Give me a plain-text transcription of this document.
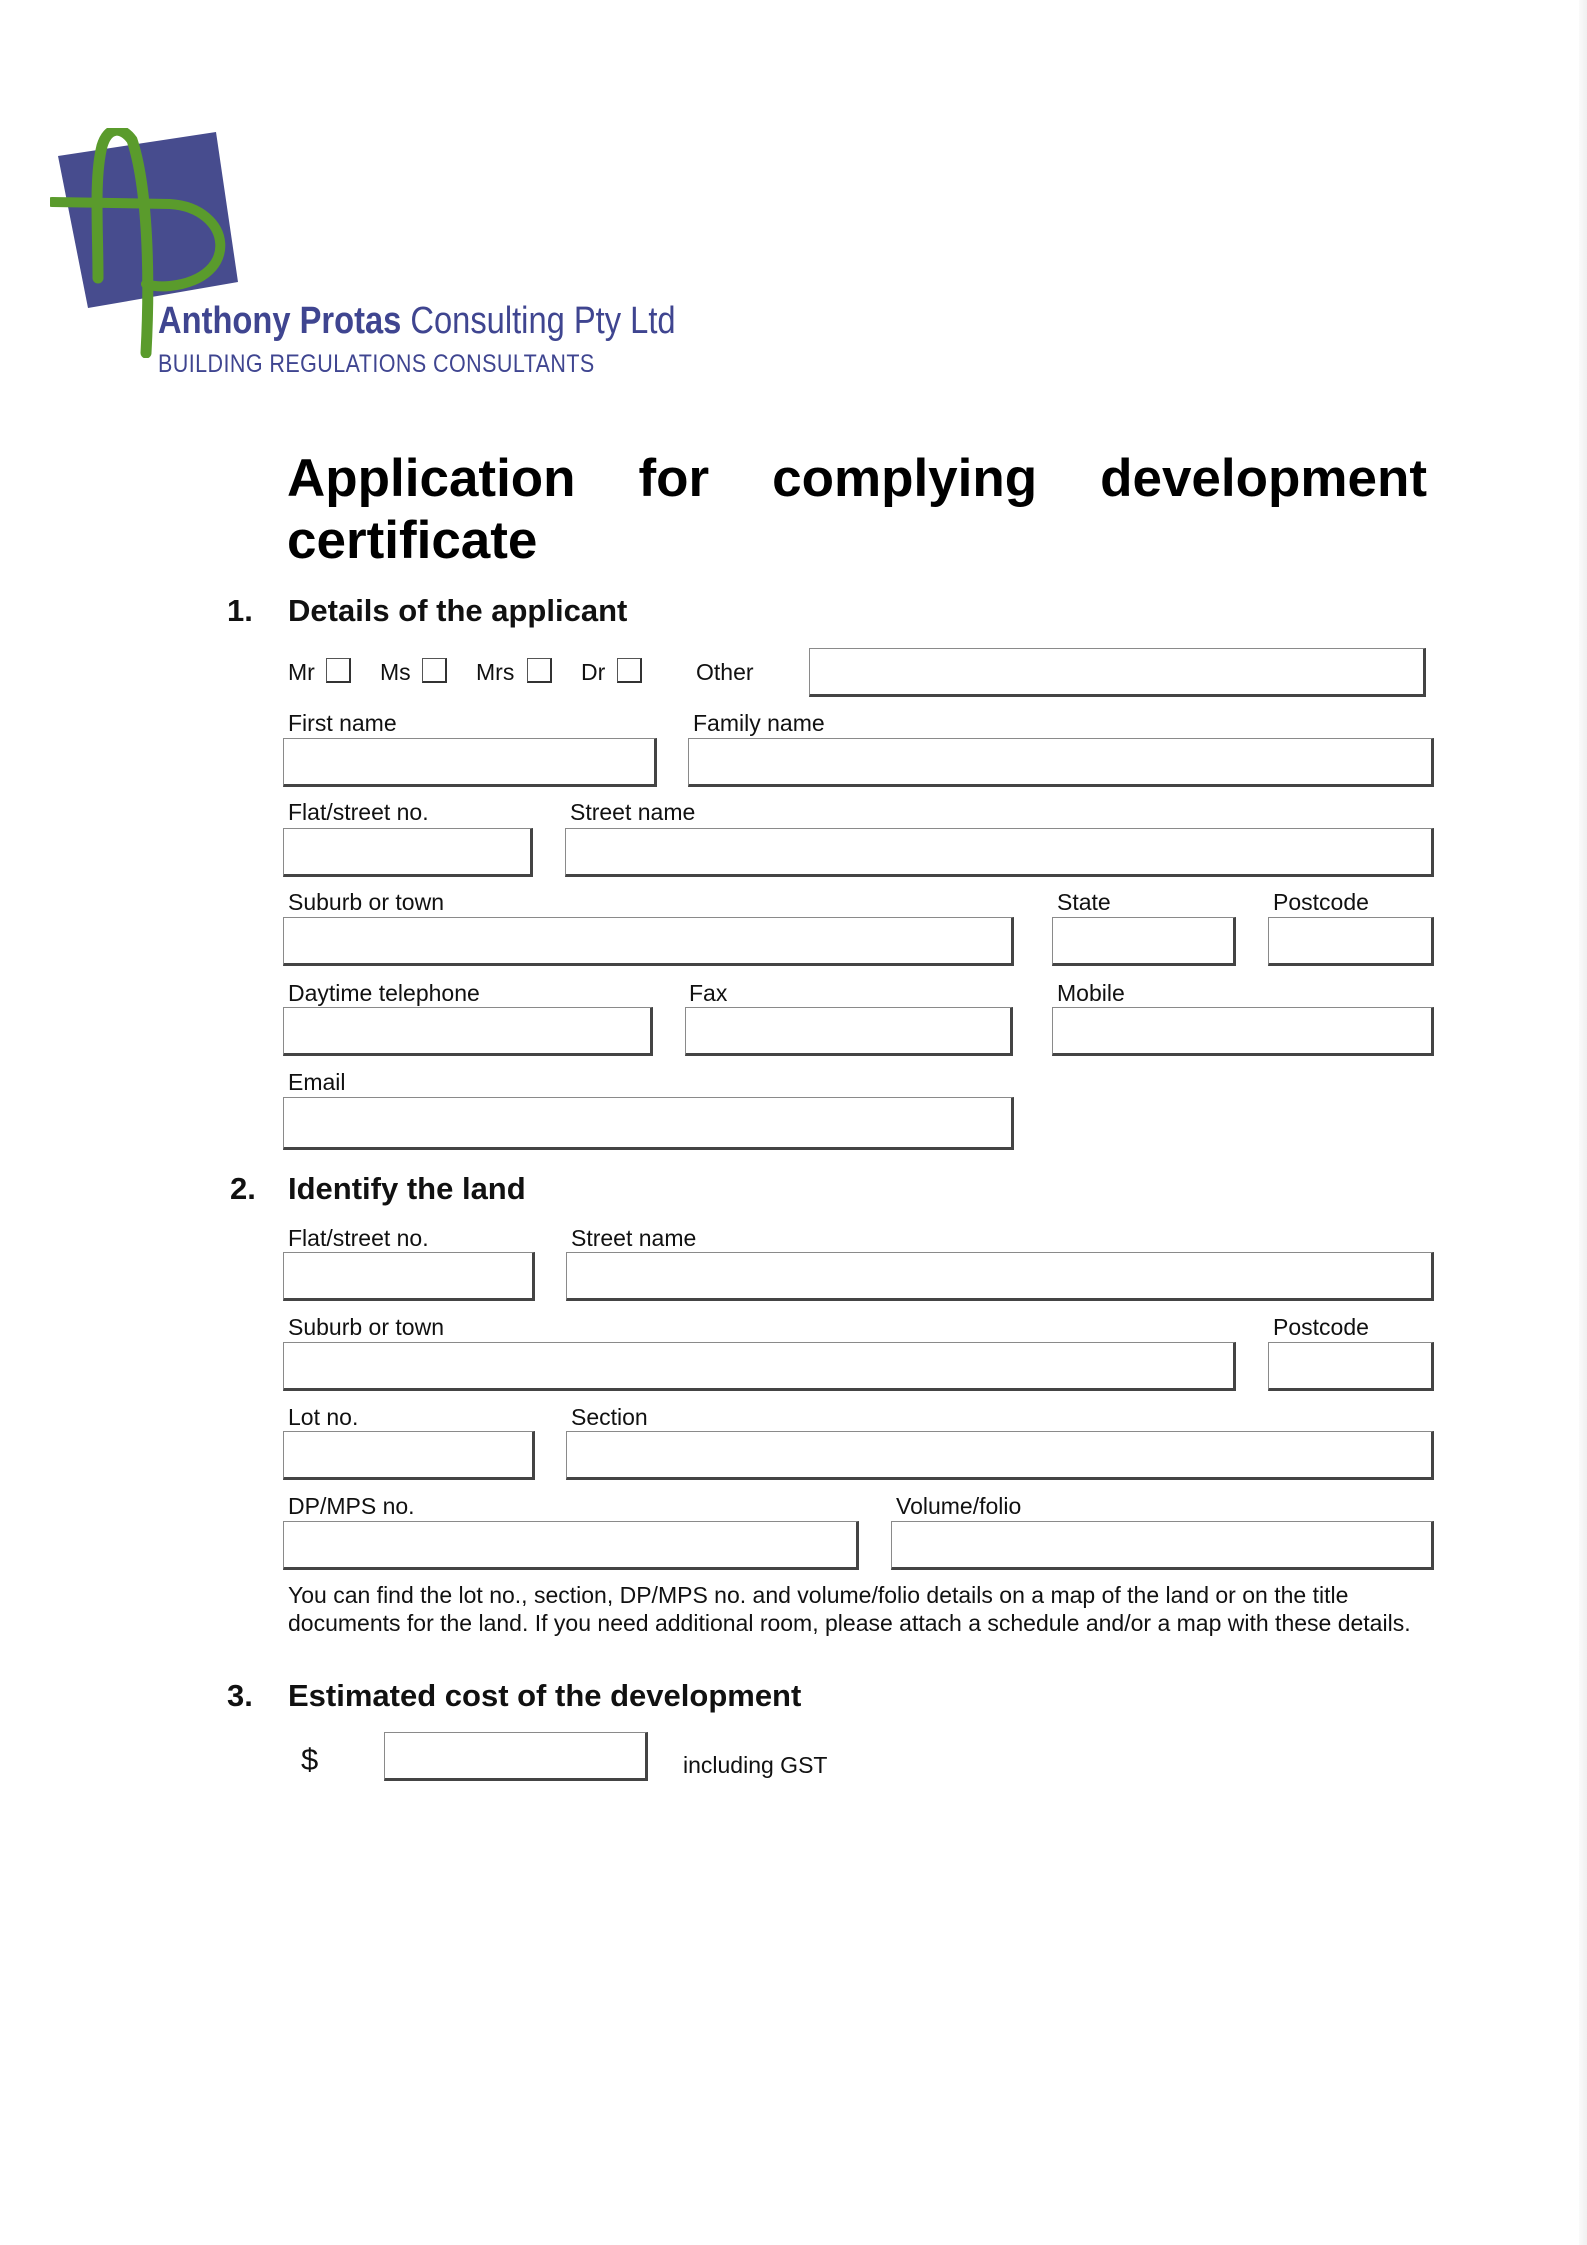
Anthony Protas Consulting Pty Ltd
BUILDING REGULATIONS CONSULTANTS
Application for complying development certificate
1. Details of the applicant
Mr	Ms	Mrs	Dr	Other
First name	Family name
Flat/street no.	Street name
Suburb or town	State	Postcode
Daytime telephone	Fax	Mobile
Email
2. Identify the land
Flat/street no.	Street name
Suburb or town	Postcode
Lot no.	Section
DP/MPS no.	Volume/folio
You can find the lot no., section, DP/MPS no. and volume/folio details on a map of the land or on the title documents for the land. If you need additional room, please attach a schedule and/or a map with these details.
3. Estimated cost of the development
$	including GST
